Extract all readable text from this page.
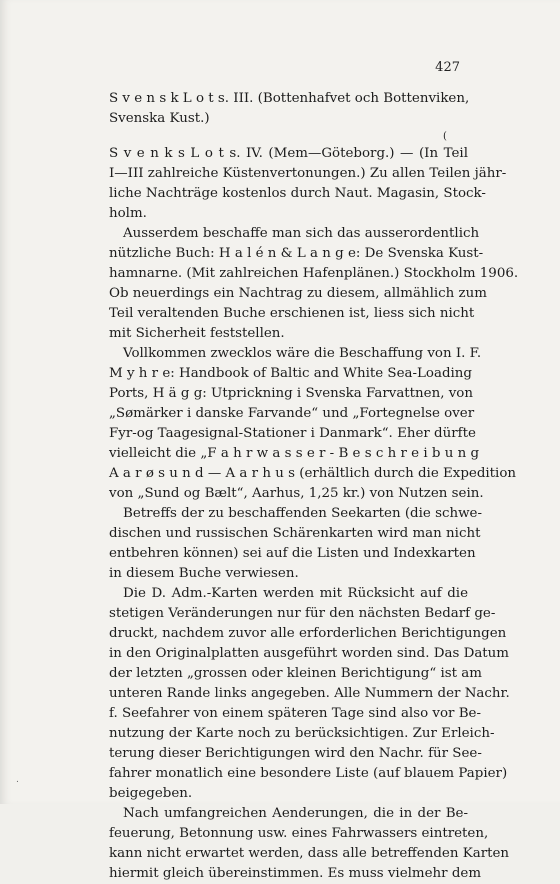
427
S v e n s k L o t s. III. (Bottenhafvet och Bottenviken,
Svenska Kust.)
(
S v e n k s L o t s. IV. (Mem—Göteborg.) — (In Teil
I—III zahlreiche Küstenvertonungen.) Zu allen Teilen jähr-
liche Nachträge kostenlos durch Naut. Magasin, Stock-
holm.
Ausserdem beschaffe man sich das ausserordentlich
nützliche Buch: H a l é n & L a n g e: De Svenska Kust-
hamnarne. (Mit zahlreichen Hafenplänen.) Stockholm 1906.
Ob neuerdings ein Nachtrag zu diesem, allmählich zum
Teil veraltenden Buche erschienen ist, liess sich nicht
mit Sicherheit feststellen.
Vollkommen zwecklos wäre die Beschaffung von I. F.
M y h r e: Handbook of Baltic and White Sea-Loading
Ports, H ä g g: Utprickning i Svenska Farvattnen, von
„Sømärker i danske Farvande“ und „Fortegnelse over
Fyr-og Taagesignal-Stationer i Danmark“. Eher dürfte
vielleicht die „F a h r w a s s e r - B e s c h r e i b u n g
A a r ø s u n d — A a r h u s (erhältlich durch die Expedition
von „Sund og Bælt“, Aarhus, 1,25 kr.) von Nutzen sein.
Betreffs der zu beschaffenden Seekarten (die schwe-
dischen und russischen Schärenkarten wird man nicht
entbehren können) sei auf die Listen und Indexkarten
in diesem Buche verwiesen.
Die D. Adm.-Karten werden mit Rücksicht auf die
stetigen Veränderungen nur für den nächsten Bedarf ge-
druckt, nachdem zuvor alle erforderlichen Berichtigungen
in den Originalplatten ausgeführt worden sind. Das Datum
der letzten „grossen oder kleinen Berichtigung“ ist am
unteren Rande links angegeben. Alle Nummern der Nachr.
f. Seefahrer von einem späteren Tage sind also vor Be-
nutzung der Karte noch zu berücksichtigen. Zur Erleich-
terung dieser Berichtigungen wird den Nachr. für See-
fahrer monatlich eine besondere Liste (auf blauem Papier)
beigegeben.
Nach umfangreichen Aenderungen, die in der Be-
feuerung, Betonnung usw. eines Fahrwassers eintreten,
kann nicht erwartet werden, dass alle betreffenden Karten
hiermit gleich übereinstimmen. Es muss vielmehr dem
.
